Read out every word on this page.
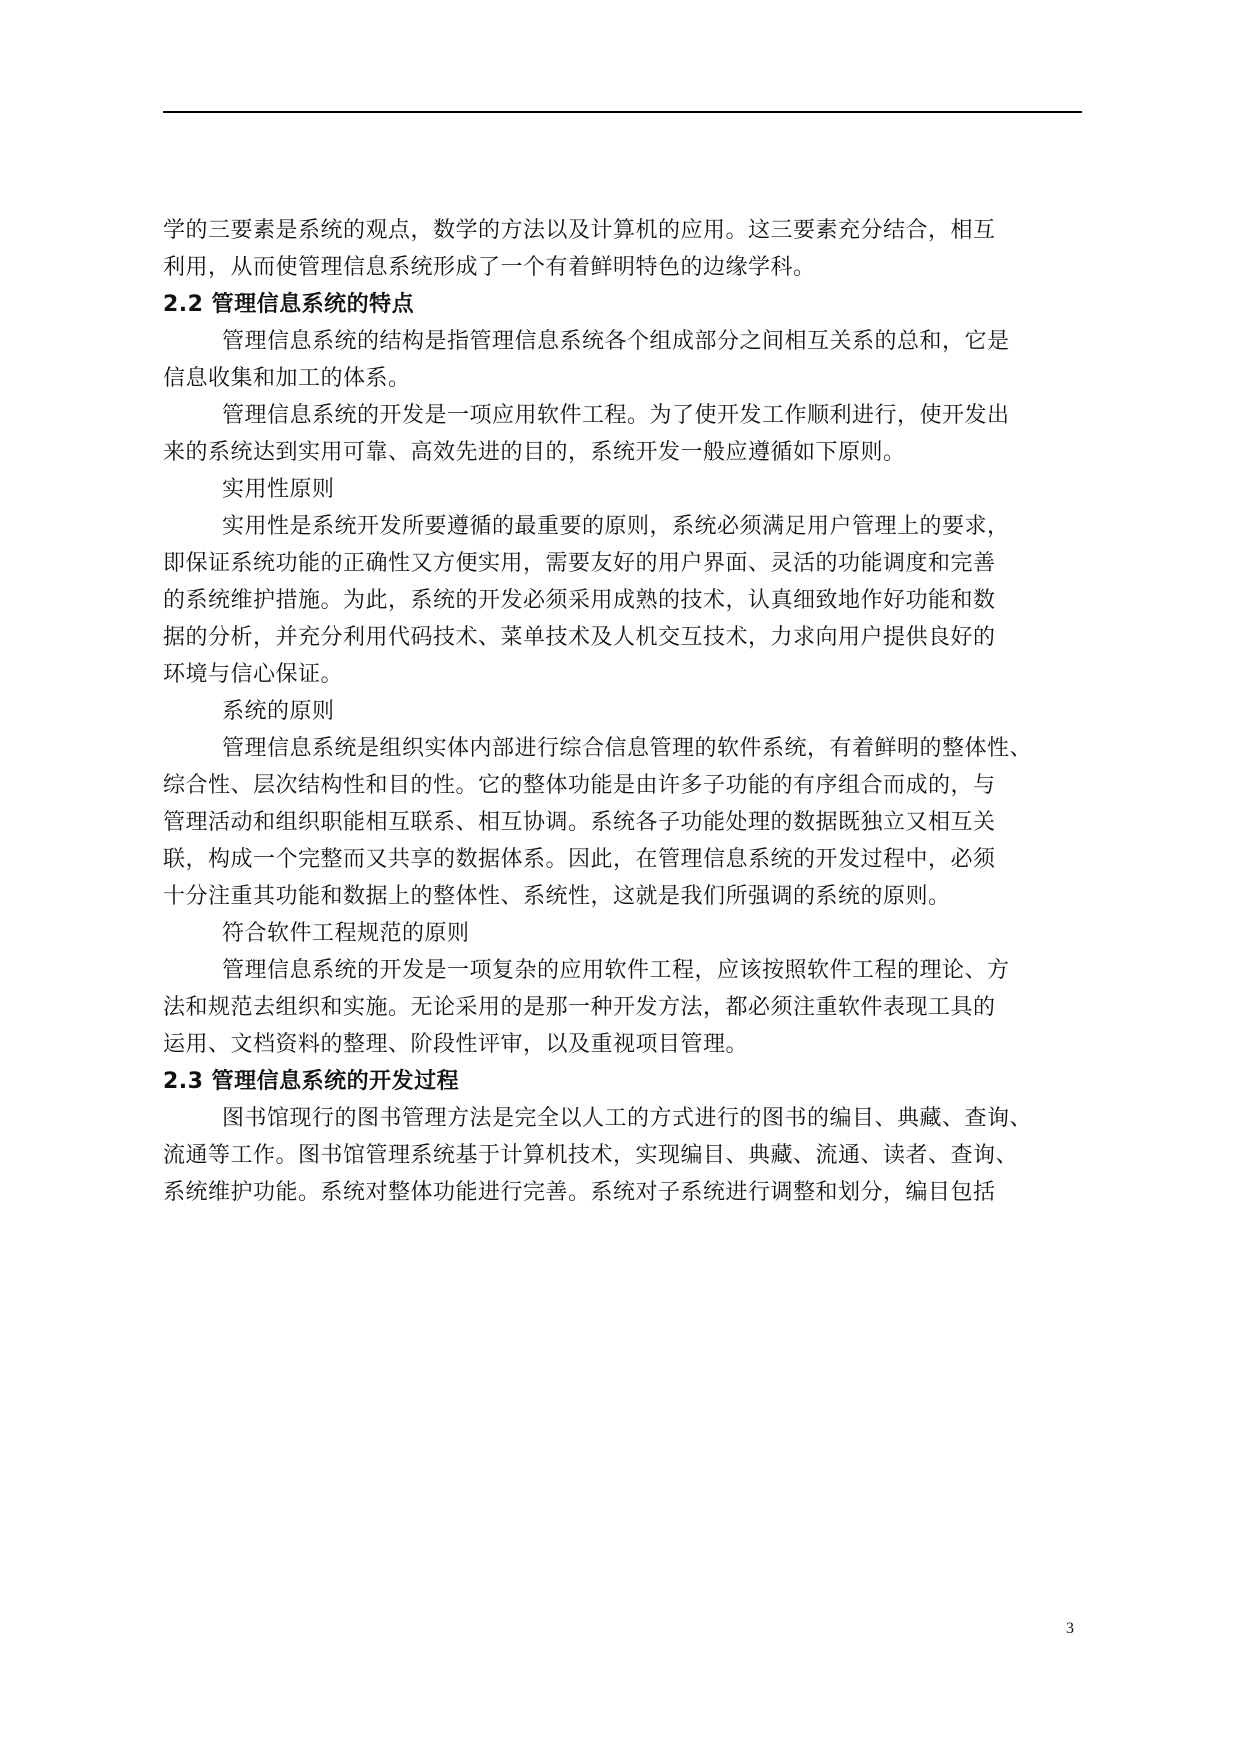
学的三要素是系统的观点，数学的方法以及计算机的应用。这三要素充分结合，相互
利用，从而使管理信息系统形成了一个有着鲜明特色的边缘学科。
2.2 管理信息系统的特点
管理信息系统的结构是指管理信息系统各个组成部分之间相互关系的总和，它是
信息收集和加工的体系。
管理信息系统的开发是一项应用软件工程。为了使开发工作顺利进行，使开发出
来的系统达到实用可靠、高效先进的目的，系统开发一般应遵循如下原则。
实用性原则
实用性是系统开发所要遵循的最重要的原则，系统必须满足用户管理上的要求，
即保证系统功能的正确性又方便实用，需要友好的用户界面、灵活的功能调度和完善
的系统维护措施。为此，系统的开发必须采用成熟的技术，认真细致地作好功能和数
据的分析，并充分利用代码技术、菜单技术及人机交互技术，力求向用户提供良好的
环境与信心保证。
系统的原则
管理信息系统是组织实体内部进行综合信息管理的软件系统，有着鲜明的整体性、
综合性、层次结构性和目的性。它的整体功能是由许多子功能的有序组合而成的，与
管理活动和组织职能相互联系、相互协调。系统各子功能处理的数据既独立又相互关
联，构成一个完整而又共享的数据体系。因此，在管理信息系统的开发过程中，必须
十分注重其功能和数据上的整体性、系统性，这就是我们所强调的系统的原则。
符合软件工程规范的原则
管理信息系统的开发是一项复杂的应用软件工程，应该按照软件工程的理论、方
法和规范去组织和实施。无论采用的是那一种开发方法，都必须注重软件表现工具的
运用、文档资料的整理、阶段性评审，以及重视项目管理。
2.3 管理信息系统的开发过程
图书馆现行的图书管理方法是完全以人工的方式进行的图书的编目、典藏、查询、
流通等工作。图书馆管理系统基于计算机技术，实现编目、典藏、流通、读者、查询、
系统维护功能。系统对整体功能进行完善。系统对子系统进行调整和划分，编目包括
3
